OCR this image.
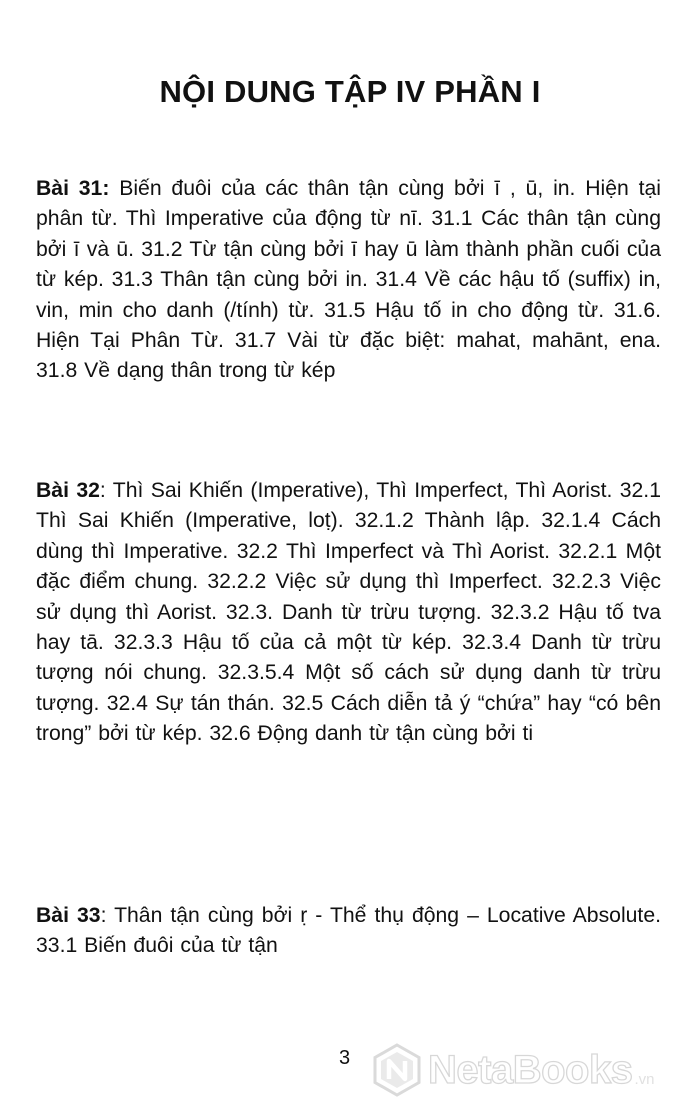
NỘI DUNG TẬP IV PHẦN I
Bài 31: Biến đuôi của các thân tận cùng bởi ī , ū, in. Hiện tại phân từ. Thì Imperative của động từ nī. 31.1 Các thân tận cùng bởi ī và ū. 31.2 Từ tận cùng bởi ī hay ū làm thành phần cuối của từ kép. 31.3 Thân tận cùng bởi in. 31.4 Về các hậu tố (suffix) in, vin, min cho danh (/tính) từ. 31.5 Hậu tố in cho động từ. 31.6. Hiện Tại Phân Từ. 31.7 Vài từ đặc biệt: mahat, mahānt, ena. 31.8 Về dạng thân trong từ kép
Bài 32: Thì Sai Khiến (Imperative), Thì Imperfect, Thì Aorist. 32.1 Thì Sai Khiến (Imperative, loṭ). 32.1.2 Thành lập. 32.1.4 Cách dùng thì Imperative. 32.2 Thì Imperfect và Thì Aorist. 32.2.1 Một đặc điểm chung. 32.2.2 Việc sử dụng thì Imperfect. 32.2.3 Việc sử dụng thì Aorist. 32.3. Danh từ trừu tượng. 32.3.2 Hậu tố tva hay tā. 32.3.3 Hậu tố của cả một từ kép. 32.3.4 Danh từ trừu tượng nói chung. 32.3.5.4 Một số cách sử dụng danh từ trừu tượng. 32.4 Sự tán thán. 32.5 Cách diễn tả ý “chứa” hay “có bên trong” bởi từ kép. 32.6 Động danh từ tận cùng bởi ti
Bài 33: Thân tận cùng bởi ṛ - Thể thụ động – Locative Absolute. 33.1 Biến đuôi của từ tận
3 NetaBooks .vn
